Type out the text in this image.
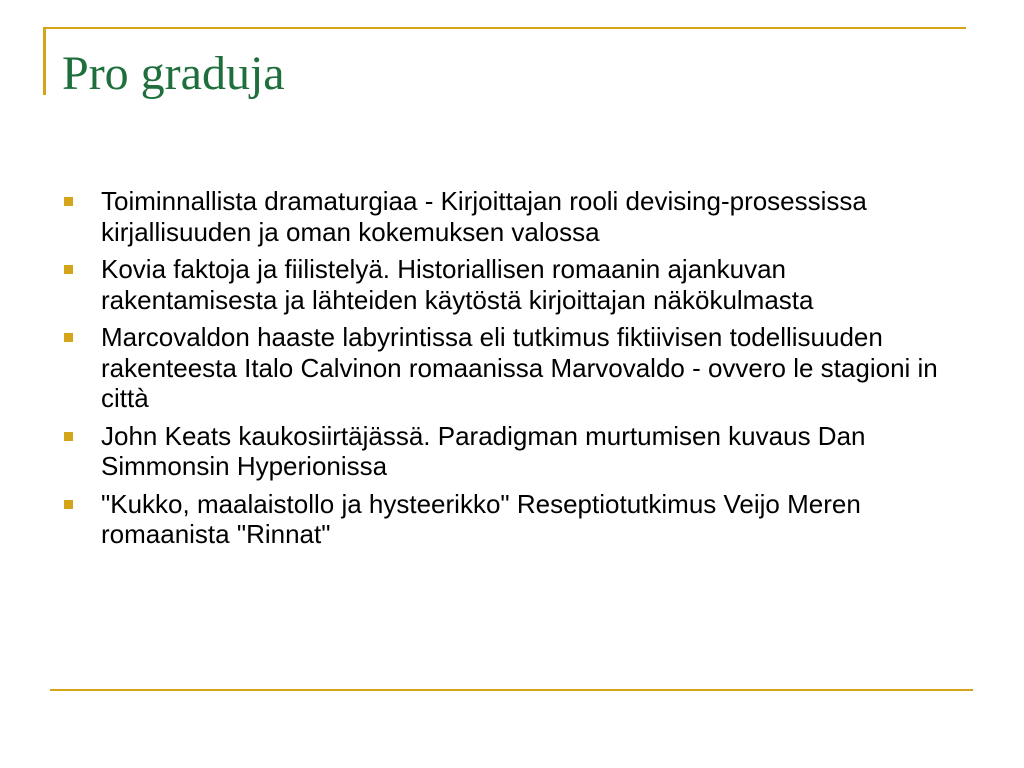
Pro graduja
Toiminnallista dramaturgiaa - Kirjoittajan rooli devising-prosessissa kirjallisuuden ja oman kokemuksen valossa
Kovia faktoja ja fiilistelyä. Historiallisen romaanin ajankuvan rakentamisesta ja lähteiden käytöstä kirjoittajan näkökulmasta
Marcovaldon haaste labyrintissa eli tutkimus fiktiivisen todellisuuden rakenteesta Italo Calvinon romaanissa Marvovaldo - ovvero le stagioni in città
John Keats kaukosiirtäjässä. Paradigman murtumisen kuvaus Dan Simmonsin Hyperionissa
"Kukko, maalaistollo ja hysteerikko" Reseptiotutkimus Veijo Meren romaanista "Rinnat"
